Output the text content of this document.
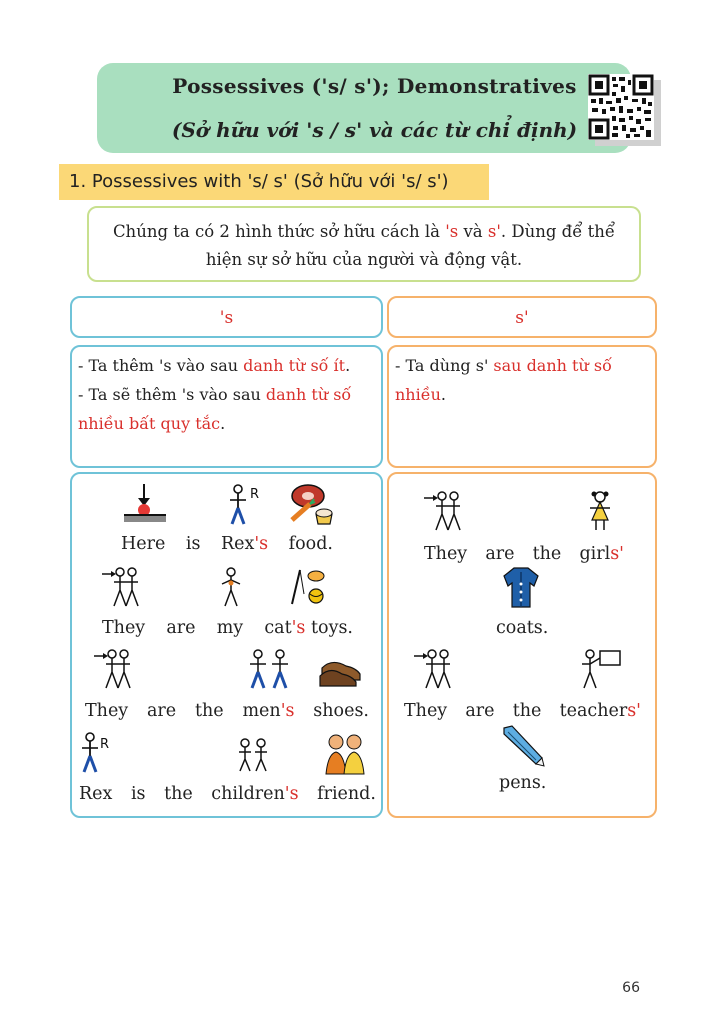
Possessives ('s/ s'); Demonstratives
(Sở hữu với 's / s' và các từ chỉ định)
1. Possessives with 's/ s' (Sở hữu với 's/ s')
Chúng ta có 2 hình thức sở hữu cách là 's và s'. Dùng để thể hiện sự sở hữu của người và động vật.
's	s'
- Ta thêm 's vào sau danh từ số ít.
- Ta sẽ thêm 's vào sau danh từ số nhiều bất quy tắc.
- Ta dùng s' sau danh từ số nhiều.
R
Here is Rex's food.
They are my cat's toys.
They are the men's shoes.
R
Rex is the children's friend.
They are the girls'
coats.
They are the teachers'
pens.
66
